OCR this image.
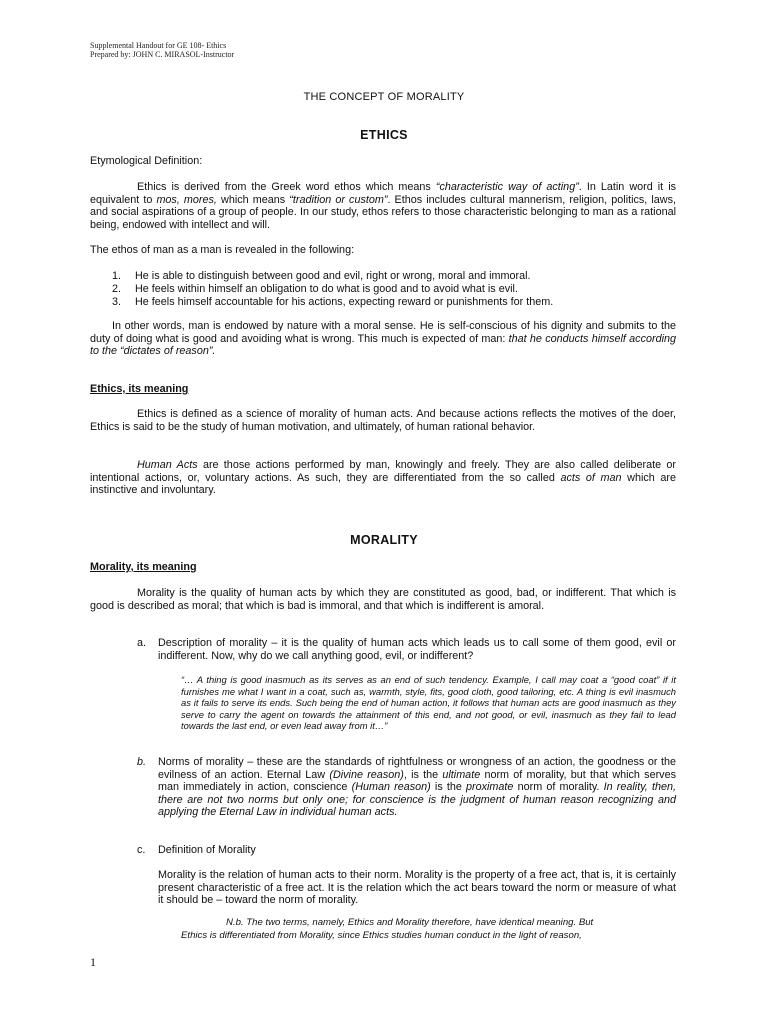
Supplemental Handout for GE 108- Ethics
Prepared by: JOHN C. MIRASOL-Instructor
THE CONCEPT OF MORALITY
ETHICS
Etymological Definition:
Ethics is derived from the Greek word ethos which means “characteristic way of acting”. In Latin word it is equivalent to mos, mores, which means “tradition or custom”. Ethos includes cultural mannerism, religion, politics, laws, and social aspirations of a group of people. In our study, ethos refers to those characteristic belonging to man as a rational being, endowed with intellect and will.
The ethos of man as a man is revealed in the following:
1. He is able to distinguish between good and evil, right or wrong, moral and immoral.
2. He feels within himself an obligation to do what is good and to avoid what is evil.
3. He feels himself accountable for his actions, expecting reward or punishments for them.
In other words, man is endowed by nature with a moral sense. He is self-conscious of his dignity and submits to the duty of doing what is good and avoiding what is wrong. This much is expected of man: that he conducts himself according to the “dictates of reason”.
Ethics, its meaning
Ethics is defined as a science of morality of human acts. And because actions reflects the motives of the doer, Ethics is said to be the study of human motivation, and ultimately, of human rational behavior.
Human Acts are those actions performed by man, knowingly and freely. They are also called deliberate or intentional actions, or, voluntary actions. As such, they are differentiated from the so called acts of man which are instinctive and involuntary.
MORALITY
Morality, its meaning
Morality is the quality of human acts by which they are constituted as good, bad, or indifferent. That which is good is described as moral; that which is bad is immoral, and that which is indifferent is amoral.
a. Description of morality – it is the quality of human acts which leads us to call some of them good, evil or indifferent. Now, why do we call anything good, evil, or indifferent?
“… A thing is good inasmuch as its serves as an end of such tendency. Example, I call may coat a “good coat” if it furnishes me what I want in a coat, such as, warmth, style, fits, good cloth, good tailoring, etc. A thing is evil inasmuch as it fails to serve its ends. Such being the end of human action, it follows that human acts are good inasmuch as they serve to carry the agent on towards the attainment of this end, and not good, or evil, inasmuch as they fail to lead towards the last end, or even lead away from it…”
b. Norms of morality – these are the standards of rightfulness or wrongness of an action, the goodness or the evilness of an action. Eternal Law (Divine reason), is the ultimate norm of morality, but that which serves man immediately in action, conscience (Human reason) is the proximate norm of morality. In reality, then, there are not two norms but only one; for conscience is the judgment of human reason recognizing and applying the Eternal Law in individual human acts.
c. Definition of Morality
Morality is the relation of human acts to their norm. Morality is the property of a free act, that is, it is certainly present characteristic of a free act. It is the relation which the act bears toward the norm or measure of what it should be – toward the norm of morality.
N.b. The two terms, namely, Ethics and Morality therefore, have identical meaning. But
Ethics is differentiated from Morality, since Ethics studies human conduct in the light of reason,
1
